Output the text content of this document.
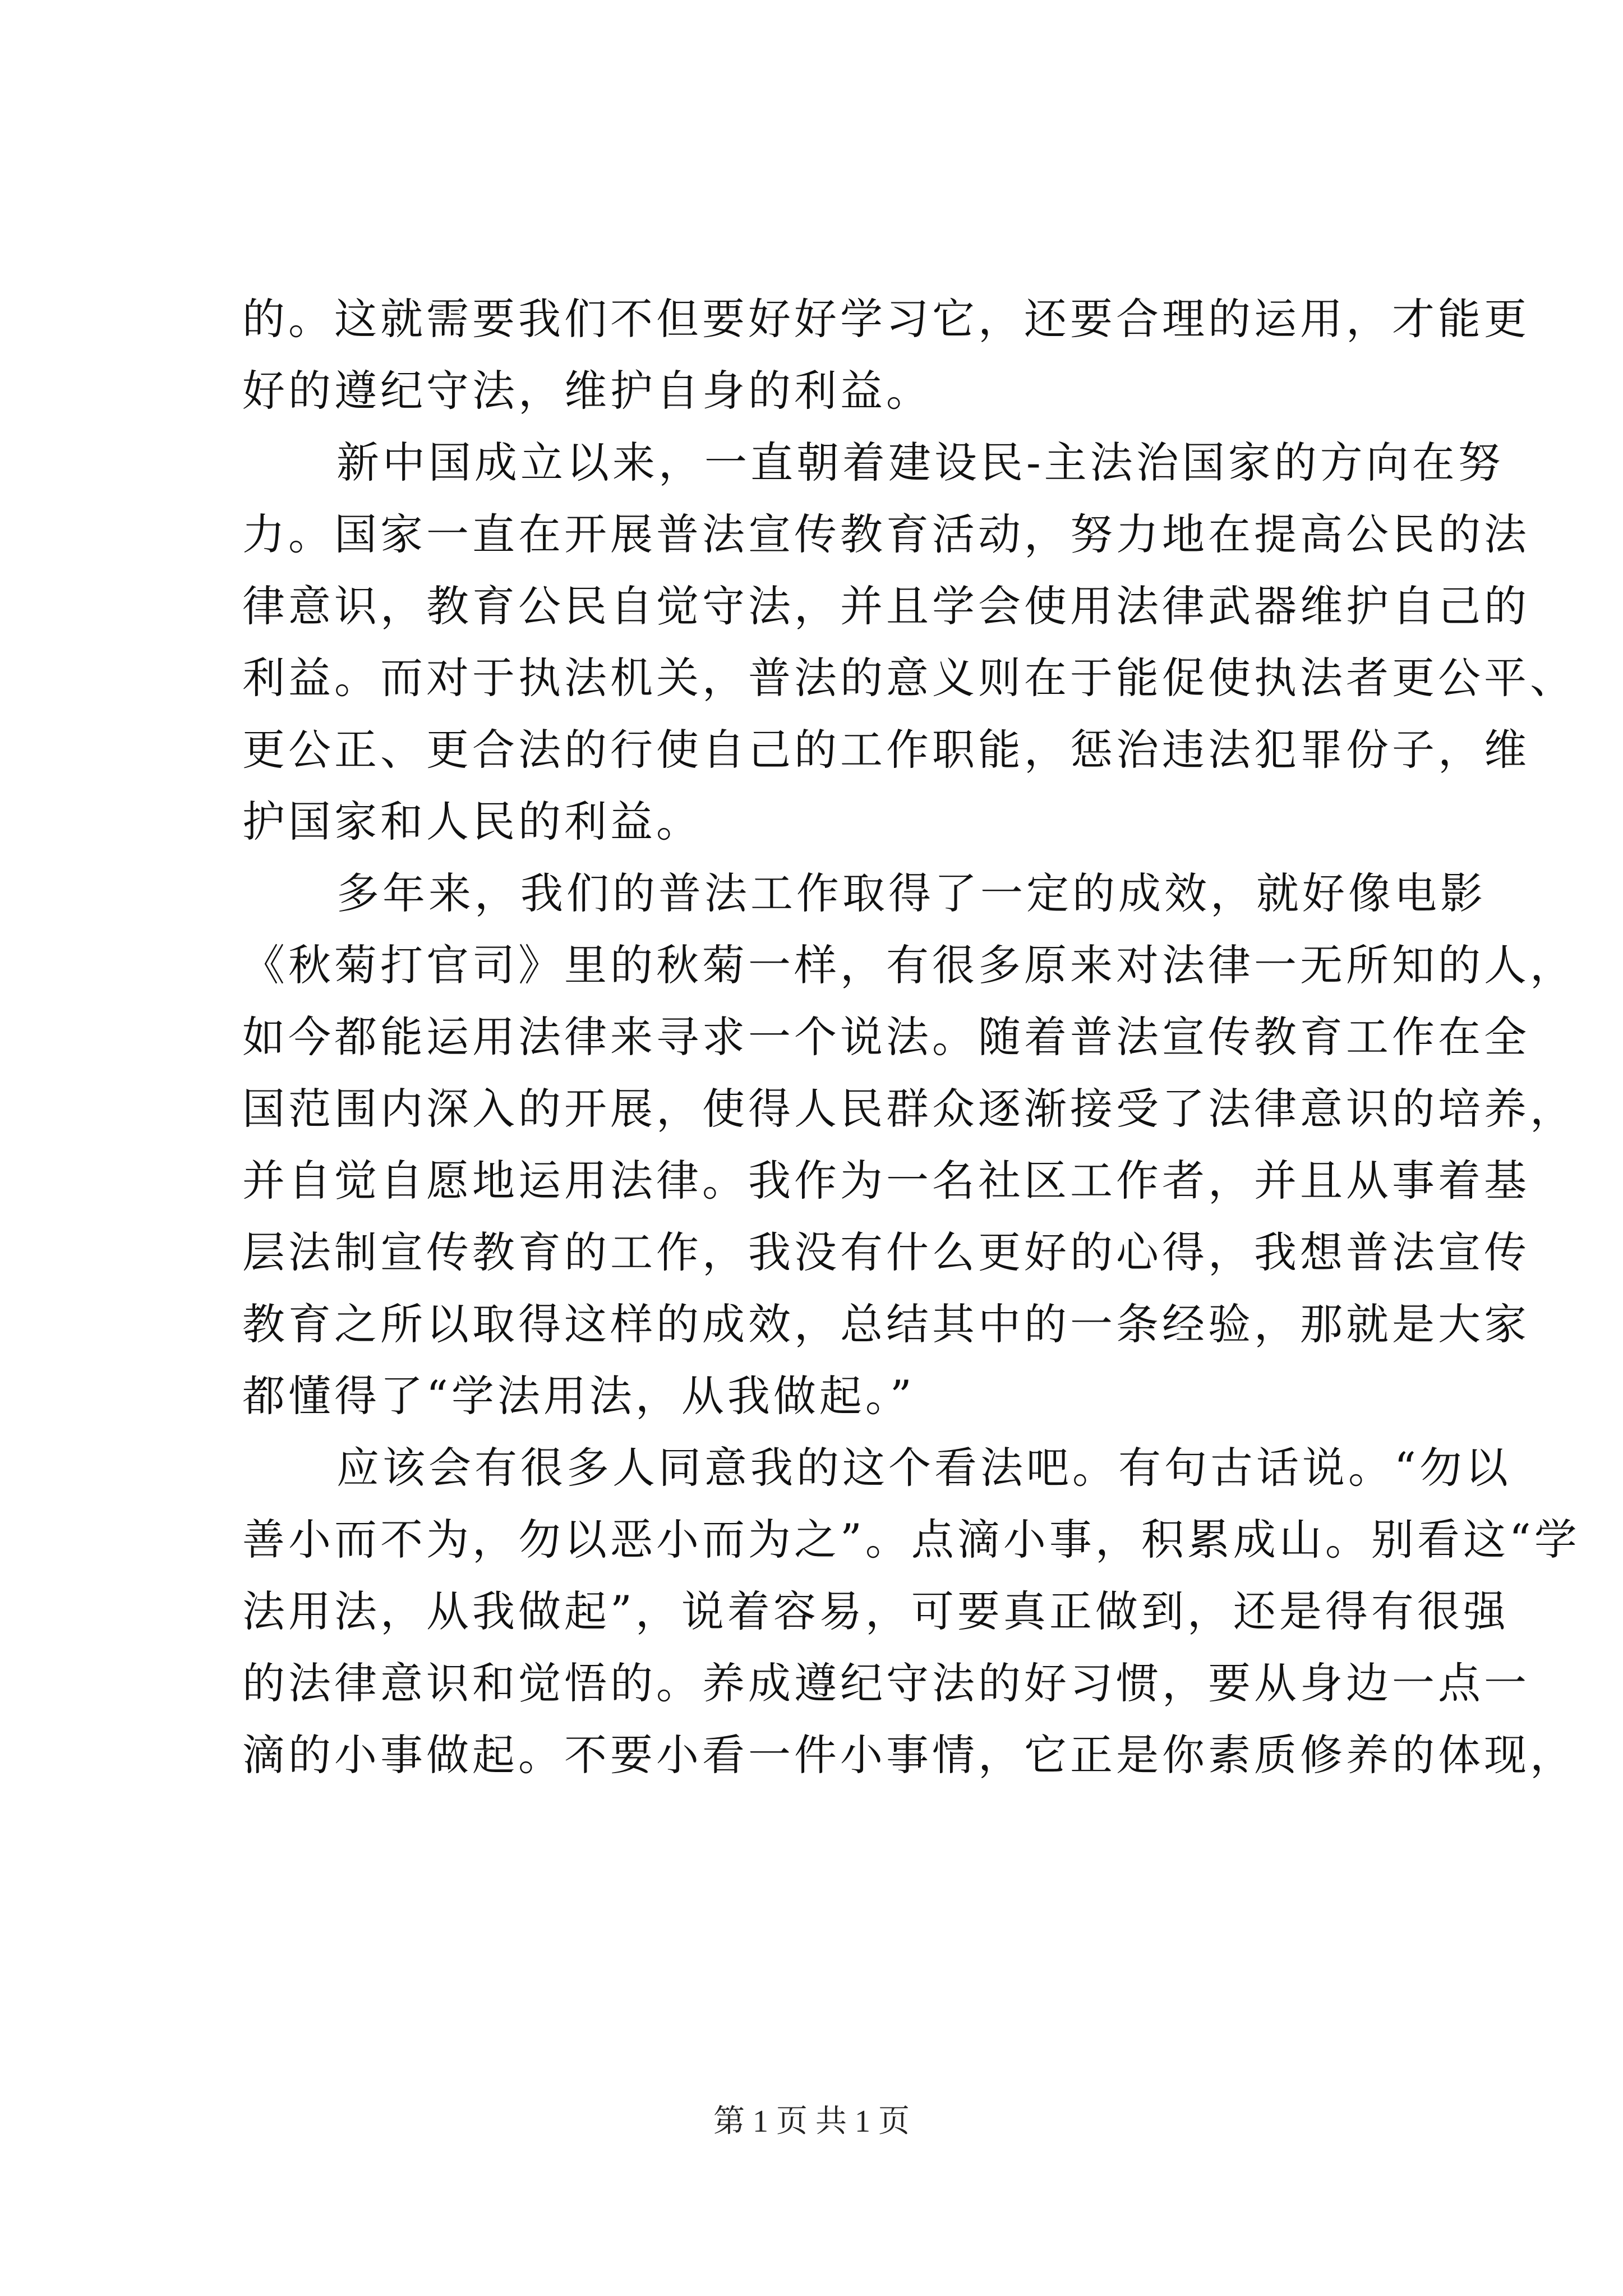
的。这就需要我们不但要好好学习它，还要合理的运用，才能更
好的遵纪守法，维护自身的利益。
新中国成立以来，一直朝着建设民-主法治国家的方向在努
力。国家一直在开展普法宣传教育活动，努力地在提高公民的法
律意识，教育公民自觉守法，并且学会使用法律武器维护自己的
利益。而对于执法机关，普法的意义则在于能促使执法者更公平、
更公正、更合法的行使自己的工作职能，惩治违法犯罪份子，维
护国家和人民的利益。
多年来，我们的普法工作取得了一定的成效，就好像电影
《秋菊打官司》里的秋菊一样，有很多原来对法律一无所知的人，
如今都能运用法律来寻求一个说法。随着普法宣传教育工作在全
国范围内深入的开展，使得人民群众逐渐接受了法律意识的培养，
并自觉自愿地运用法律。我作为一名社区工作者，并且从事着基
层法制宣传教育的工作，我没有什么更好的心得，我想普法宣传
教育之所以取得这样的成效，总结其中的一条经验，那就是大家
都懂得了“学法用法，从我做起。”
应该会有很多人同意我的这个看法吧。有句古话说。“勿以
善小而不为，勿以恶小而为之”。点滴小事，积累成山。别看这“学
法用法，从我做起”，说着容易，可要真正做到，还是得有很强
的法律意识和觉悟的。养成遵纪守法的好习惯，要从身边一点一
滴的小事做起。不要小看一件小事情，它正是你素质修养的体现，
第 1 页 共 1 页
